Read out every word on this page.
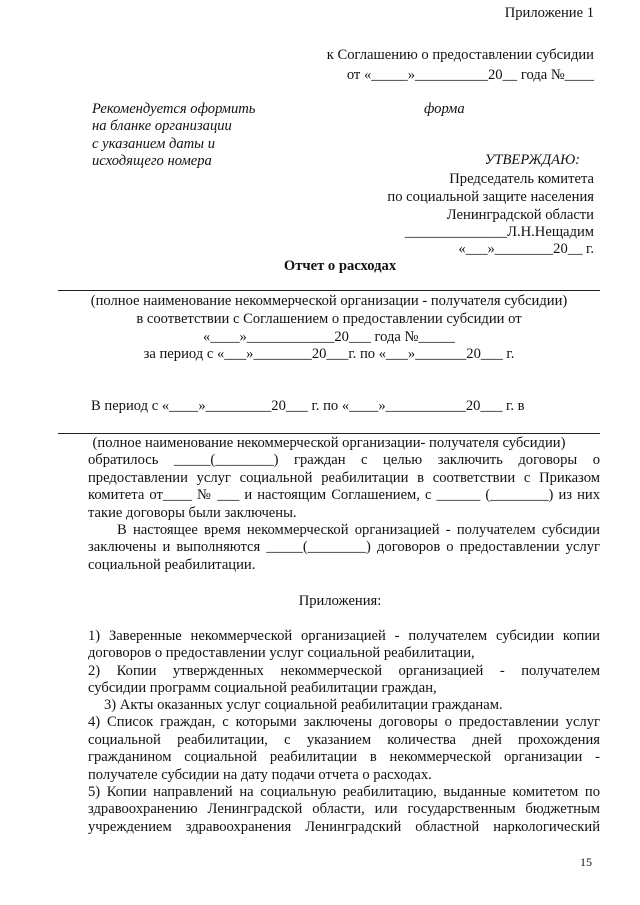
Приложение 1
к Соглашению о предоставлении субсидии
от «_____»__________20__ года №____
Рекомендуется оформить
на бланке организации
с указанием даты и
исходящего номера
форма
УТВЕРЖДАЮ:
Председатель комитета
по социальной защите населения
Ленинградской области
______________Л.Н.Нещадим
«___»________20__ г.
Отчет о расходах
(полное наименование некоммерческой организации - получателя субсидии)
в соответствии с Соглашением о предоставлении субсидии от
«____»____________20___ года №_____
за период с «___»________20___г. по «___»_______20___ г.
В период с «____»_________20___ г. по «____»___________20___ г. в
(полное наименование некоммерческой организации- получателя субсидии)
обратилось _____(________) граждан с целью заключить договоры о
предоставлении услуг социальной реабилитации в соответствии с Приказом
комитета от____ № ___ и настоящим Соглашением, с ______ (________) из них
такие договоры были заключены.
В настоящее время некоммерческой организацией - получателем субсидии
заключены и выполняются _____(________) договоров о предоставлении услуг
социальной реабилитации.
Приложения:
1) Заверенные некоммерческой организацией - получателем субсидии копии
договоров о предоставлении услуг социальной реабилитации,
2) Копии утвержденных некоммерческой организацией - получателем
субсидии программ социальной реабилитации граждан,
3) Акты оказанных услуг социальной реабилитации гражданам.
4) Список граждан, с которыми заключены договоры о предоставлении услуг
социальной реабилитации, с указанием количества дней прохождения
гражданином социальной реабилитации в некоммерческой организации -
получателе субсидии на дату подачи отчета о расходах.
5) Копии направлений на социальную реабилитацию, выданные комитетом по
здравоохранению Ленинградской области, или государственным бюджетным
учреждением здравоохранения Ленинградский областной наркологический
15
